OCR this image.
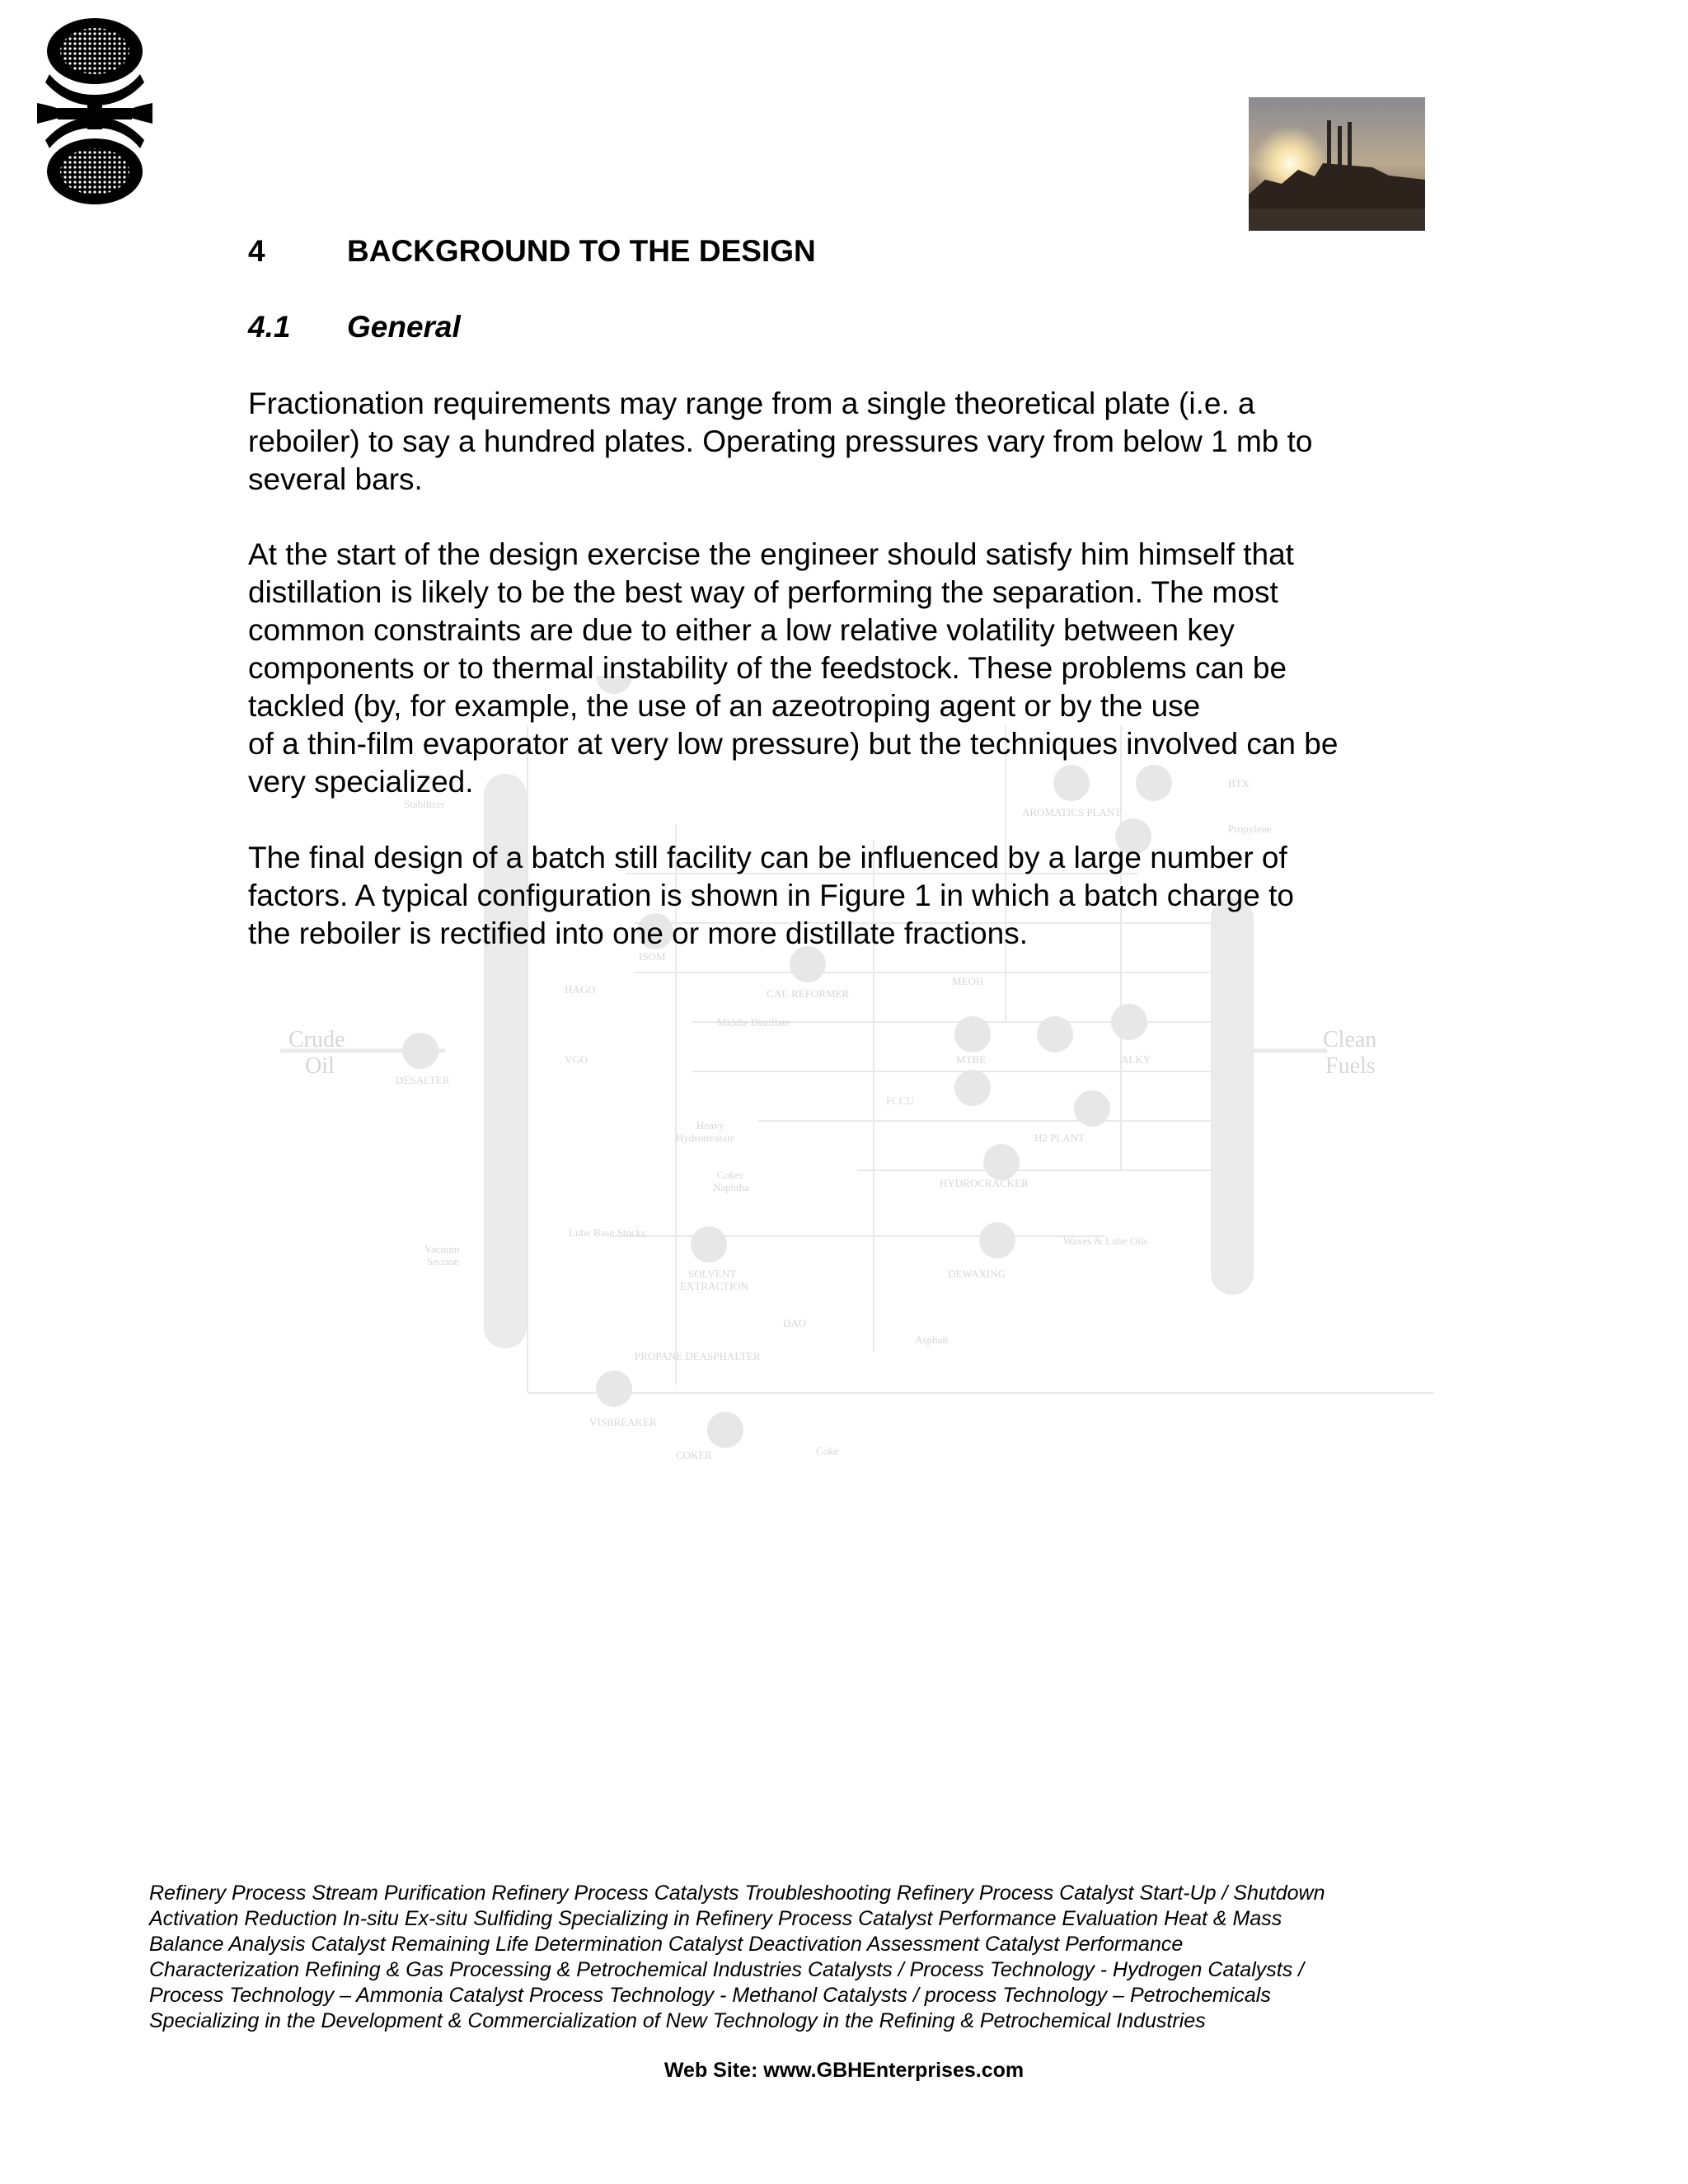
Crude
Oil
Clean
Fuels
DESALTER
Stabilizer
ISOM
HAGO
VGO
CAT. REFORMER
Middle Distillate
MTBE
MEOH
ALKY
FCCU
Heavy
Hydrotreatate
Coker
Naphtha
H2 PLANT
HYDROCRACKER
AROMATICS PLANT
BTX
Propylene
Lube Base Stocks
SOLVENT
EXTRACTION
DEWAXING
Waxes & Lube Oils
Vacuum
Section
DAO
PROPANE DEASPHALTER
Asphalt
VISBREAKER
COKER	Coke
4	BACKGROUND TO THE DESIGN
4.1 General
Fractionation requirements may range from a single theoretical plate (i.e. a
reboiler) to say a hundred plates. Operating pressures vary from below 1 mb to
several bars.
At the start of the design exercise the engineer should satisfy him himself that
distillation is likely to be the best way of performing the separation. The most
common constraints are due to either a low relative volatility between key
components or to thermal instability of the feedstock. These problems can be
tackled (by, for example, the use of an azeotroping agent or by the use
of a thin-film evaporator at very low pressure) but the techniques involved can be
very specialized.
The final design of a batch still facility can be influenced by a large number of
factors. A typical configuration is shown in Figure 1 in which a batch charge to
the reboiler is rectified into one or more distillate fractions.
Refinery Process Stream Purification Refinery Process Catalysts Troubleshooting Refinery Process Catalyst Start-Up / Shutdown
Activation Reduction In-situ Ex-situ Sulfiding Specializing in Refinery Process Catalyst Performance Evaluation Heat & Mass
Balance Analysis Catalyst Remaining Life Determination Catalyst Deactivation Assessment Catalyst Performance
Characterization Refining & Gas Processing & Petrochemical Industries Catalysts / Process Technology - Hydrogen Catalysts /
Process Technology – Ammonia Catalyst Process Technology - Methanol Catalysts / process Technology – Petrochemicals
Specializing in the Development & Commercialization of New Technology in the Refining & Petrochemical Industries
Web Site: www.GBHEnterprises.com
